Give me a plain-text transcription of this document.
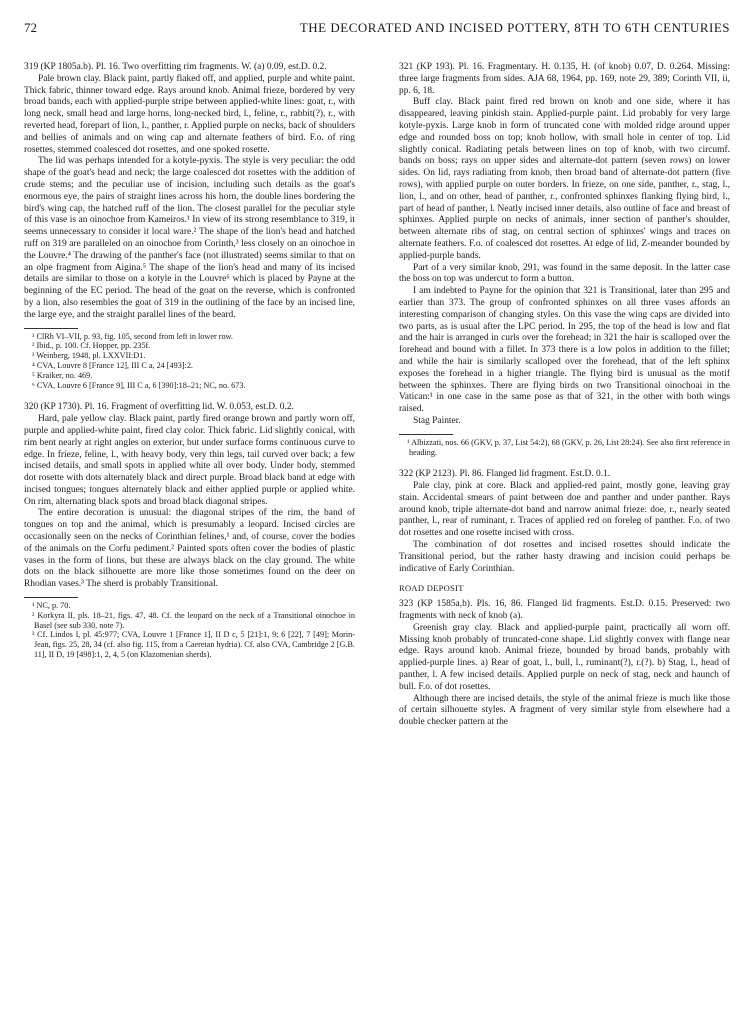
72	THE DECORATED AND INCISED POTTERY, 8TH TO 6TH CENTURIES

319 (KP 1805a.b). Pl. 16. Two overfitting rim fragments. W. (a) 0.09, est.D. 0.2.

Pale brown clay. Black paint, partly flaked off, and applied, purple and white paint. Thick fabric, thinner toward edge. Rays around knob. Animal frieze, bordered by very broad bands, each with applied-purple stripe between applied-white lines: goat, r., with long neck, small head and large horns, long-necked bird, l., feline, r., rabbit(?), r., with reverted head, forepart of lion, l., panther, r. Applied purple on necks, back of shoulders and bellies of animals and on wing cap and alternate feathers of bird. F.o. of ring rosettes, stemmed coalesced dot rosettes, and one spoked rosette.

The lid was perhaps intended for a kotyle-pyxis. The style is very peculiar: the odd shape of the goat's head and neck; the large coalesced dot rosettes with the addition of crude stems; and the peculiar use of incision, including such details as the goat's enormous eye, the pairs of straight lines across his horn, the double lines bordering the bird's wing cap, the hatched ruff of the lion. The closest parallel for the peculiar style of this vase is an oinochoe from Kameiros.¹ In view of its strong resemblance to 319, it seems unnecessary to consider it local ware.² The shape of the lion's head and hatched ruff on 319 are paralleled on an oinochoe from Corinth,³ less closely on an oinochoe in the Louvre.⁴ The drawing of the panther's face (not illustrated) seems similar to that on an olpe fragment from Aigina.⁵ The shape of the lion's head and many of its incised details are similar to those on a kotyle in the Louvre⁶ which is placed by Payne at the beginning of the EC period. The head of the goat on the reverse, which is confronted by a lion, also resembles the goat of 319 in the outlining of the face by an incised line, the large eye, and the straight parallel lines of the beard.

¹ ClRh VI–VII, p. 93, fig. 105, second from left in lower row.
² Ibid., p. 100. Cf. Hopper, pp. 235f.
³ Weinberg, 1948, pl. LXXVII:D1.
⁴ CVA, Louvre 8 [France 12], III C a, 24 [493]:2.
⁵ Kraiker, no. 469.
⁶ CVA, Louvre 6 [France 9], III C a, 6 [390]:18–21; NC, no. 673.

320 (KP 1730). Pl. 16. Fragment of overfitting lid. W. 0.053, est.D. 0.2.

Hard, pale yellow clay. Black paint, partly fired orange brown and partly worn off, purple and applied-white paint, fired clay color. Thick fabric. Lid slightly conical, with rim bent nearly at right angles on exterior, but under surface forms continuous curve to edge. In frieze, feline, l., with heavy body, very thin legs, tail curved over back; a few incised details, and small spots in applied white all over body. Under body, stemmed dot rosette with dots alternately black and direct purple. Broad black band at edge with incised tongues; tongues alternately black and either applied purple or applied white. On rim, alternating black spots and broad black diagonal stripes.

The entire decoration is unusual: the diagonal stripes of the rim, the band of tongues on top and the animal, which is presumably a leopard. Incised circles are occasionally seen on the necks of Corinthian felines,¹ and, of course, cover the bodies of the animals on the Corfu pediment.² Painted spots often cover the bodies of plastic vases in the form of lions, but these are always black on the clay ground. The white dots on the black silhouette are more like those sometimes found on the deer on Rhodian vases.³ The sherd is probably Transitional.

¹ NC, p. 70.
² Korkyra II, pls. 18–21, figs. 47, 48. Cf. the leopard on the neck of a Transitional oinochoe in Basel (see sub 330, note 7).
³ Cf. Lindos I, pl. 45:977; CVA, Louvre 1 [France 1], II D c, 5 [21]:1, 9; 6 [22], 7 [49]; Morin-Jean, figs. 25, 28, 34 (cf. also fig. 115, from a Caeretan hydria). Cf. also CVA, Cambridge 2 [G.B. 11], II D, 19 [498]:1, 2, 4, 5 (on Klazomenian sherds).

321 (KP 193). Pl. 16. Fragmentary. H. 0.135, H. (of knob) 0.07, D. 0.264. Missing: three large fragments from sides. AJA 68, 1964, pp. 169, note 29, 389; Corinth VII, ii, pp. 6, 18.

Buff clay. Black paint fired red brown on knob and one side, where it has disappeared, leaving pinkish stain. Applied-purple paint. Lid probably for very large kotyle-pyxis. Large knob in form of truncated cone with molded ridge around upper edge and rounded boss on top; knob hollow, with small hole in center of top. Lid slightly conical. Radiating petals between lines on top of knob, with two circumf. bands on boss; rays on upper sides and alternate-dot pattern (seven rows) on lower sides. On lid, rays radiating from knob, then broad band of alternate-dot pattern (five rows), with applied purple on outer borders. In frieze, on one side, panther, r., stag, l., lion, l., and on other, head of panther, r., confronted sphinxes flanking flying bird, l., part of head of panther, l. Neatly incised inner details, also outline of face and breast of sphinxes. Applied purple on necks of animals, inner section of panther's shoulder, between alternate ribs of stag, on central section of sphinxes' wings and traces on alternate feathers. F.o. of coalesced dot rosettes. At edge of lid, Z-meander bounded by applied-purple bands.

Part of a very similar knob, 291, was found in the same deposit. In the latter case the boss on top was undercut to form a button.

I am indebted to Payne for the opinion that 321 is Transitional, later than 295 and earlier than 373. The group of confronted sphinxes on all three vases affords an interesting comparison of changing styles. On this vase the wing caps are divided into two parts, as is usual after the LPC period. In 295, the top of the head is low and flat and the hair is arranged in curls over the forehead; in 321 the hair is scalloped over the forehead and bound with a fillet. In 373 there is a low polos in addition to the fillet; and while the hair is similarly scalloped over the forehead, that of the left sphinx exposes the forehead in a higher triangle. The flying bird is unusual as the motif between the sphinxes. There are flying birds on two Transitional oinochoai in the Vatican:¹ in one case in the same pose as that of 321, in the other with both wings raised.

Stag Painter.

¹ Albizzati, nos. 66 (GKV, p. 37, List 54:2), 68 (GKV, p. 26, List 28:24). See also first reference in heading.

322 (KP 2123). Pl. 86. Flanged lid fragment. Est.D. 0.1.

Pale clay, pink at core. Black and applied-red paint, mostly gone, leaving gray stain. Accidental smears of paint between doe and panther and under panther. Rays around knob, triple alternate-dot band and narrow animal frieze: doe, r., nearly seated panther, l., rear of ruminant, r. Traces of applied red on foreleg of panther. F.o. of two dot rosettes and one rosette incised with cross.

The combination of dot rosettes and incised rosettes should indicate the Transitional period, but the rather hasty drawing and incision could perhaps be indicative of Early Corinthian.

ROAD DEPOSIT

323 (KP 1585a,b). Pls. 16, 86. Flanged lid fragments. Est.D. 0.15. Preserved: two fragments with neck of knob (a).

Greenish gray clay. Black and applied-purple paint, practically all worn off. Missing knob probably of truncated-cone shape. Lid slightly convex with flange near edge. Rays around knob. Animal frieze, bounded by broad bands, probably with applied-purple lines. a) Rear of goat, l., bull, l., ruminant(?), r.(?). b) Stag, l., head of panther, l. A few incised details. Applied purple on neck of stag, neck and haunch of bull. F.o. of dot rosettes.

Although there are incised details, the style of the animal frieze is much like those of certain silhouette styles. A fragment of very similar style from elsewhere had a double checker pattern at the
